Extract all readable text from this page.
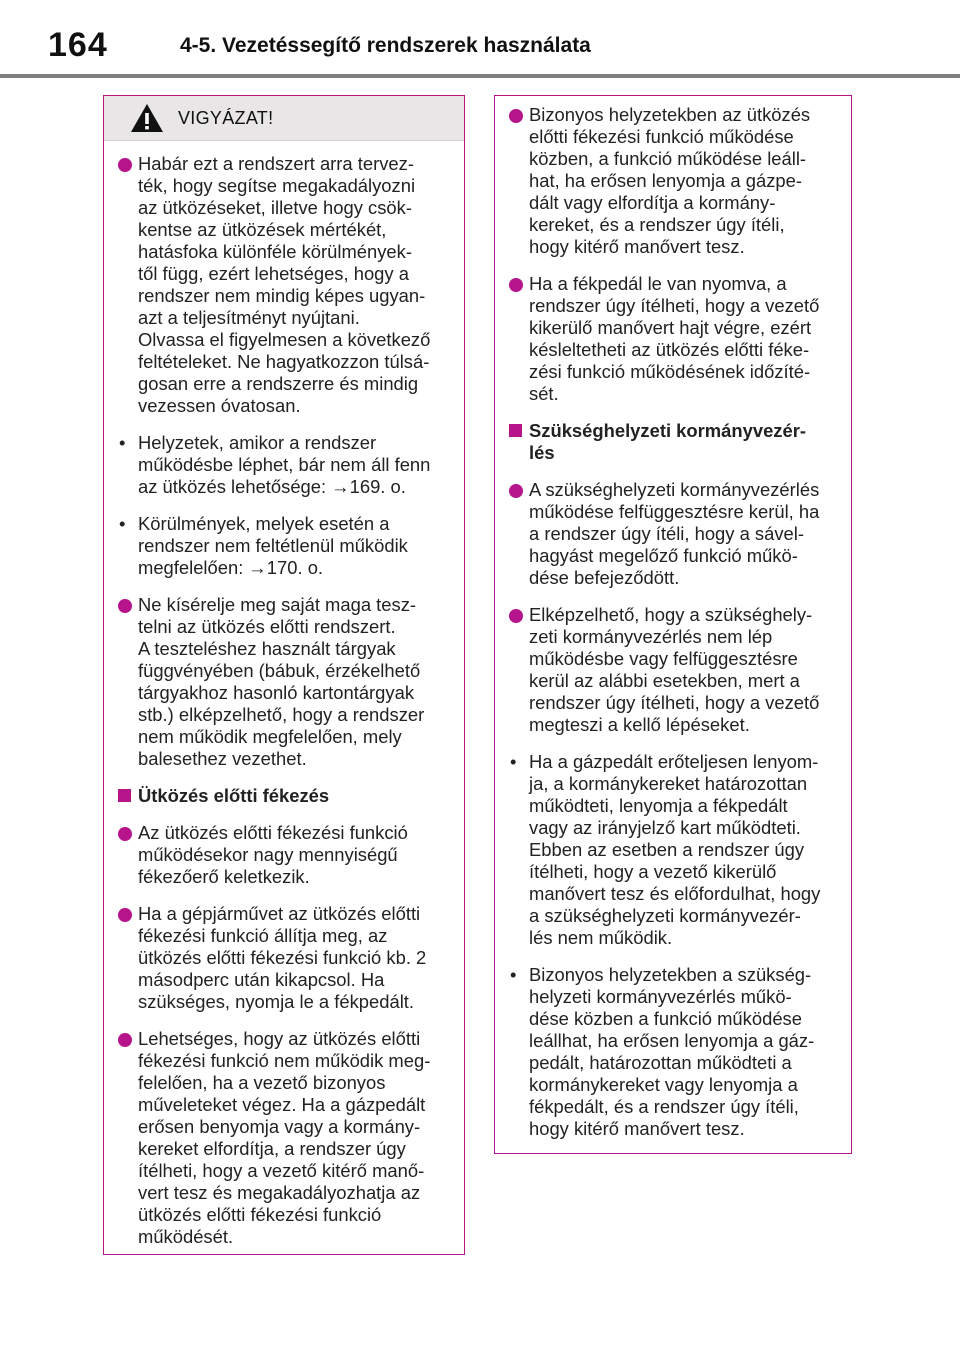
164	4-5. Vezetéssegítő rendszerek használata
VIGYÁZAT!
Habár ezt a rendszert arra tervez-
ték, hogy segítse megakadályozni
az ütközéseket, illetve hogy csök-
kentse az ütközések mértékét,
hatásfoka különféle körülmények-
től függ, ezért lehetséges, hogy a
rendszer nem mindig képes ugyan-
azt a teljesítményt nyújtani.
Olvassa el figyelmesen a következő
feltételeket. Ne hagyatkozzon túlsá-
gosan erre a rendszerre és mindig
vezessen óvatosan.
• Helyzetek, amikor a rendszer
működésbe léphet, bár nem áll fenn
az ütközés lehetősége: →169. o.
• Körülmények, melyek esetén a
rendszer nem feltétlenül működik
megfelelően: →170. o.
Ne kísérelje meg saját maga tesz-
telni az ütközés előtti rendszert.
A teszteléshez használt tárgyak
függvényében (bábuk, érzékelhető
tárgyakhoz hasonló kartontárgyak
stb.) elképzelhető, hogy a rendszer
nem működik megfelelően, mely
balesethez vezethet.
Ütközés előtti fékezés
Az ütközés előtti fékezési funkció
működésekor nagy mennyiségű
fékezőerő keletkezik.
Ha a gépjárművet az ütközés előtti
fékezési funkció állítja meg, az
ütközés előtti fékezési funkció kb. 2
másodperc után kikapcsol. Ha
szükséges, nyomja le a fékpedált.
Lehetséges, hogy az ütközés előtti
fékezési funkció nem működik meg-
felelően, ha a vezető bizonyos
műveleteket végez. Ha a gázpedált
erősen benyomja vagy a kormány-
kereket elfordítja, a rendszer úgy
ítélheti, hogy a vezető kitérő manő-
vert tesz és megakadályozhatja az
ütközés előtti fékezési funkció
működését.
Bizonyos helyzetekben az ütközés
előtti fékezési funkció működése
közben, a funkció működése leáll-
hat, ha erősen lenyomja a gázpe-
dált vagy elfordítja a kormány-
kereket, és a rendszer úgy ítéli,
hogy kitérő manővert tesz.
Ha a fékpedál le van nyomva, a
rendszer úgy ítélheti, hogy a vezető
kikerülő manővert hajt végre, ezért
késleltetheti az ütközés előtti féke-
zési funkció működésének időzíté-
sét.
Szükséghelyzeti kormányvezér-
lés
A szükséghelyzeti kormányvezérlés
működése felfüggesztésre kerül, ha
a rendszer úgy ítéli, hogy a sável-
hagyást megelőző funkció műkö-
dése befejeződött.
Elképzelhető, hogy a szükséghely-
zeti kormányvezérlés nem lép
működésbe vagy felfüggesztésre
kerül az alábbi esetekben, mert a
rendszer úgy ítélheti, hogy a vezető
megteszi a kellő lépéseket.
• Ha a gázpedált erőteljesen lenyom-
ja, a kormánykereket határozottan
működteti, lenyomja a fékpedált
vagy az irányjelző kart működteti.
Ebben az esetben a rendszer úgy
ítélheti, hogy a vezető kikerülő
manővert tesz és előfordulhat, hogy
a szükséghelyzeti kormányvezér-
lés nem működik.
• Bizonyos helyzetekben a szükség-
helyzeti kormányvezérlés műkö-
dése közben a funkció működése
leállhat, ha erősen lenyomja a gáz-
pedált, határozottan működteti a
kormánykereket vagy lenyomja a
fékpedált, és a rendszer úgy ítéli,
hogy kitérő manővert tesz.
